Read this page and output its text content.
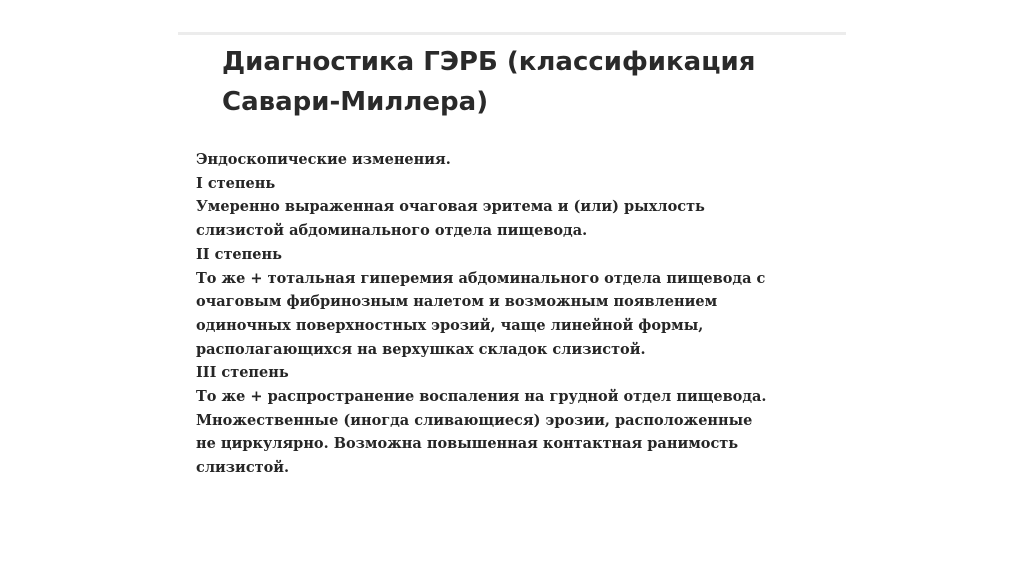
Диагностика ГЭРБ (классификация
Савари-Миллера)
Эндоскопические изменения.
I степень
Умеренно выраженная очаговая эритема и (или) рыхлость
слизистой абдоминального отдела пищевода.
II степень
То же + тотальная гиперемия абдоминального отдела пищевода с
очаговым фибринозным налетом и возможным появлением
одиночных поверхностных эрозий, чаще линейной формы,
располагающихся на верхушках складок слизистой.
III степень
То же + распространение воспаления на грудной отдел пищевода.
Множественные (иногда сливающиеся) эрозии, расположенные
не циркулярно. Возможна повышенная контактная ранимость
слизистой.
